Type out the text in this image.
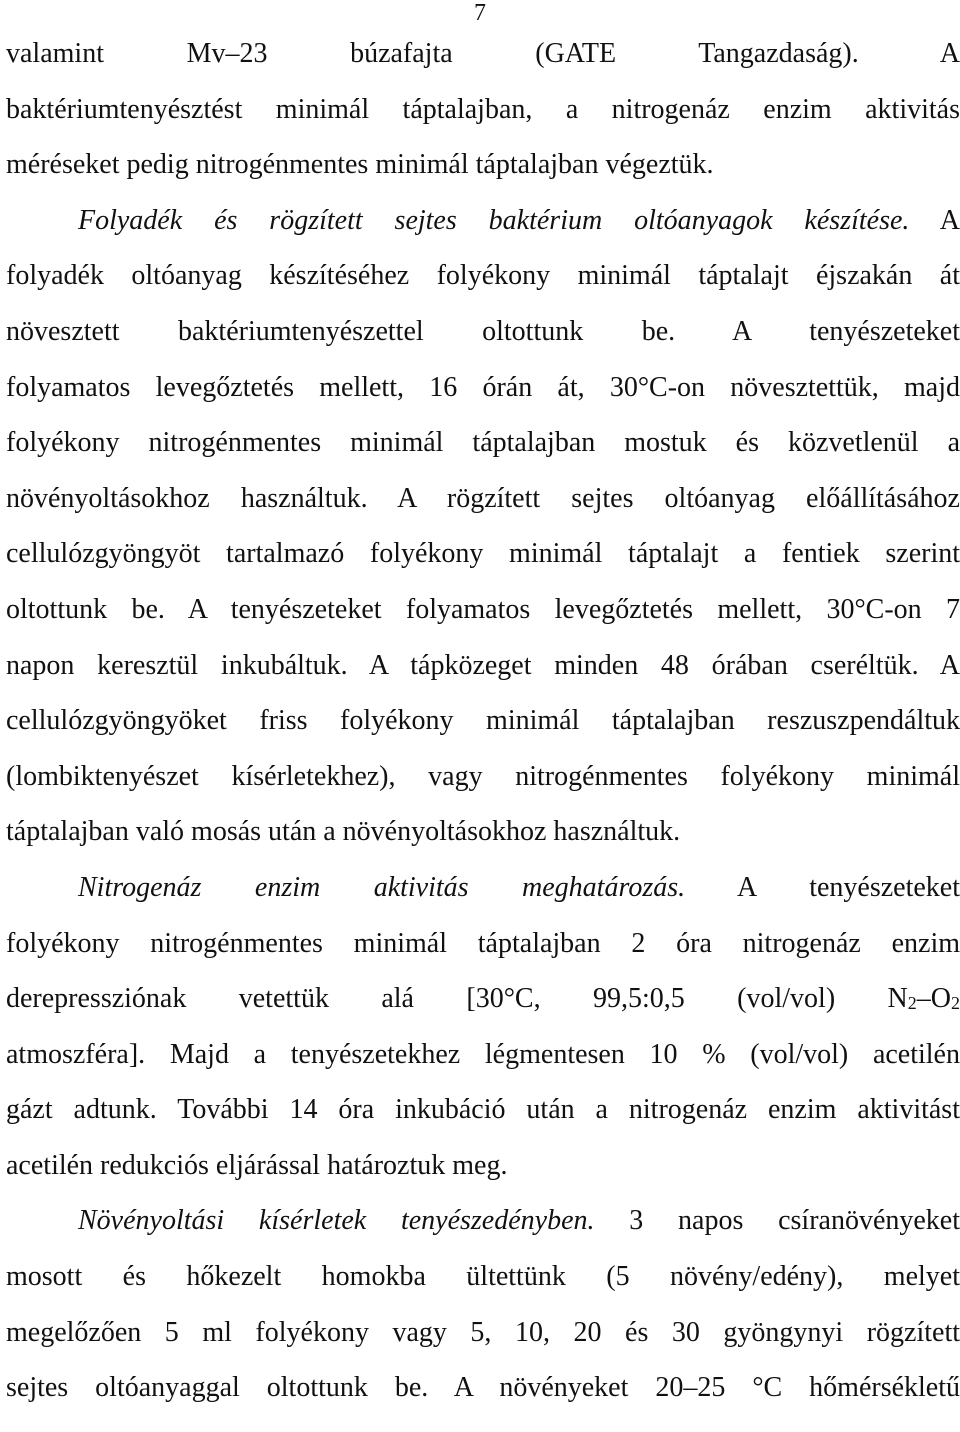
7
valamint Mv–23 búzafajta (GATE Tangazdaság). A
baktériumtenyésztést minimál táptalajban, a nitrogenáz enzim aktivitás
méréseket pedig nitrogénmentes minimál táptalajban végeztük.
Folyadék és rögzített sejtes baktérium oltóanyagok készítése. A
folyadék oltóanyag készítéséhez folyékony minimál táptalajt éjszakán át
növesztett baktériumtenyészettel oltottunk be. A tenyészeteket
folyamatos levegőztetés mellett, 16 órán át, 30°C-on növesztettük, majd
folyékony nitrogénmentes minimál táptalajban mostuk és közvetlenül a
növényoltásokhoz használtuk. A rögzített sejtes oltóanyag előállításához
cellulózgyöngyöt tartalmazó folyékony minimál táptalajt a fentiek szerint
oltottunk be. A tenyészeteket folyamatos levegőztetés mellett, 30°C-on 7
napon keresztül inkubáltuk. A tápközeget minden 48 órában cseréltük. A
cellulózgyöngyöket friss folyékony minimál táptalajban reszuszpendáltuk
(lombiktenyészet kísérletekhez), vagy nitrogénmentes folyékony minimál
táptalajban való mosás után a növényoltásokhoz használtuk.
Nitrogenáz enzim aktivitás meghatározás. A tenyészeteket
folyékony nitrogénmentes minimál táptalajban 2 óra nitrogenáz enzim
derepressziónak vetettük alá [30°C, 99,5:0,5 (vol/vol) $N_2-O_2$
atmoszféra]. Majd a tenyészetekhez légmentesen 10 % (vol/vol) acetilén
gázt adtunk. További 14 óra inkubáció után a nitrogenáz enzim aktivitást
acetilén redukciós eljárással határoztuk meg.
Növényoltási kísérletek tenyészedényben. 3 napos csíranövényeket
mosott és hőkezelt homokba ültettünk (5 növény/edény), melyet
megelőzően 5 ml folyékony vagy 5, 10, 20 és 30 gyöngynyi rögzített
sejtes oltóanyaggal oltottunk be. A növényeket 20–25 °C hőmérsékletű
